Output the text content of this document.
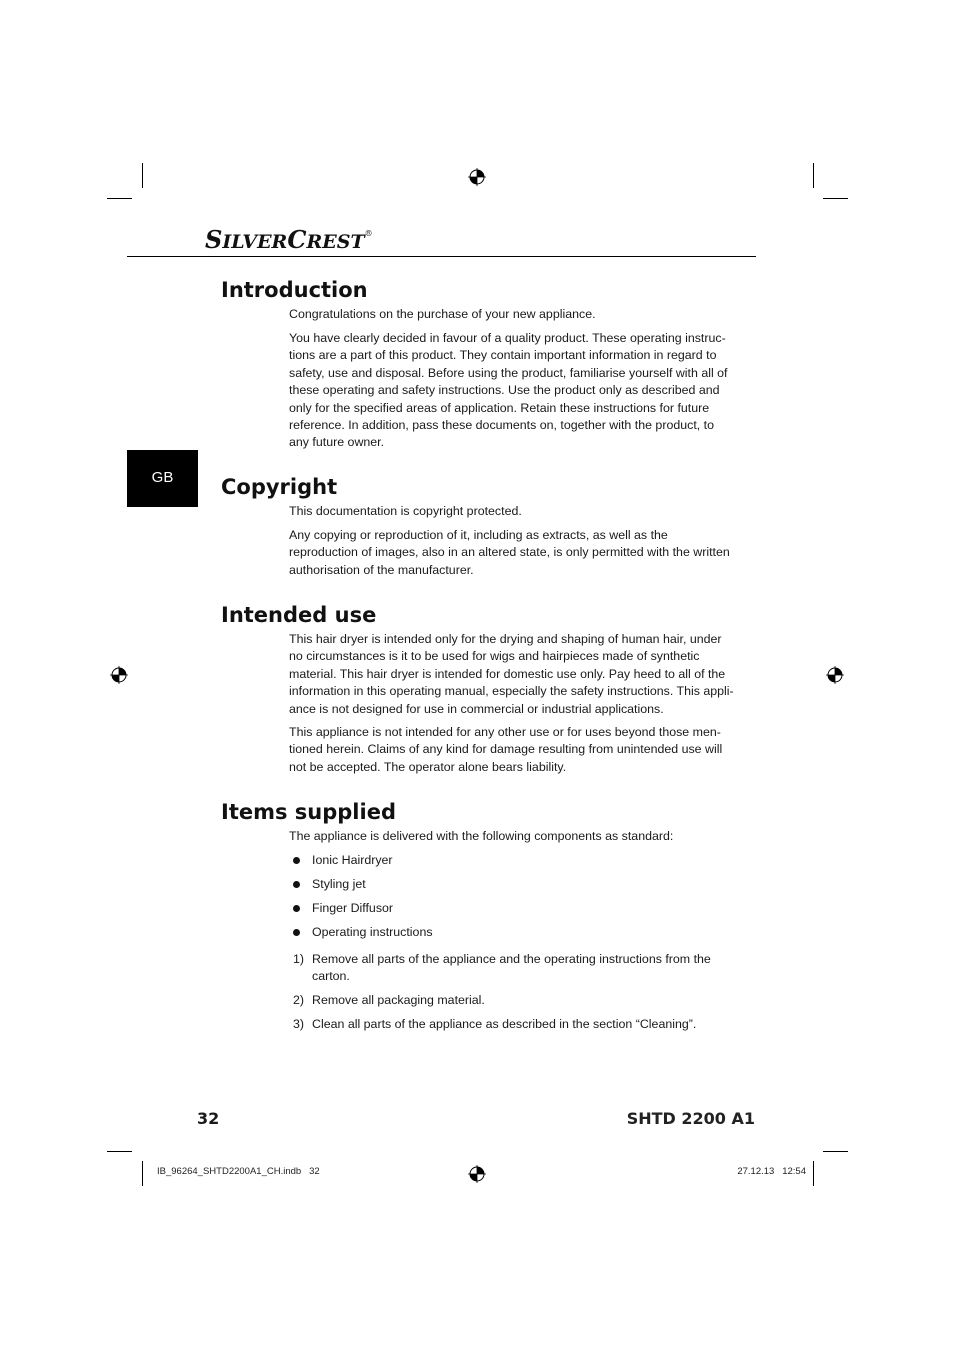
SILVERCREST®
GB
Introduction

Congratulations on the purchase of your new appliance.

You have clearly decided in favour of a quality product. These operating instruc-tions are a part of this product. They contain important information in regard to safety, use and disposal. Before using the product, familiarise yourself with all of these operating and safety instructions. Use the product only as described and only for the specified areas of application. Retain these instructions for future reference. In addition, pass these documents on, together with the product, to any future owner.

Copyright

This documentation is copyright protected.

Any copying or reproduction of it, including as extracts, as well as the reproduction of images, also in an altered state, is only permitted with the written authorisation of the manufacturer.

Intended use

This hair dryer is intended only for the drying and shaping of human hair, under no circumstances is it to be used for wigs and hairpieces made of synthetic material. This hair dryer is intended for domestic use only. Pay heed to all of the information in this operating manual, especially the safety instructions. This appli-ance is not designed for use in commercial or industrial applications.

This appliance is not intended for any other use or for uses beyond those men-tioned herein. Claims of any kind for damage resulting from unintended use will not be accepted. The operator alone bears liability.

Items supplied

The appliance is delivered with the following components as standard:

Ionic Hairdryer
Styling jet
Finger Diffusor
Operating instructions
1) Remove all parts of the appliance and the operating instructions from the carton.
2) Remove all packaging material.
3) Clean all parts of the appliance as described in the section “Cleaning”.
32	SHTD 2200 A1
IB_96264_SHTD2200A1_CH.indb   32	27.12.13   12:54
